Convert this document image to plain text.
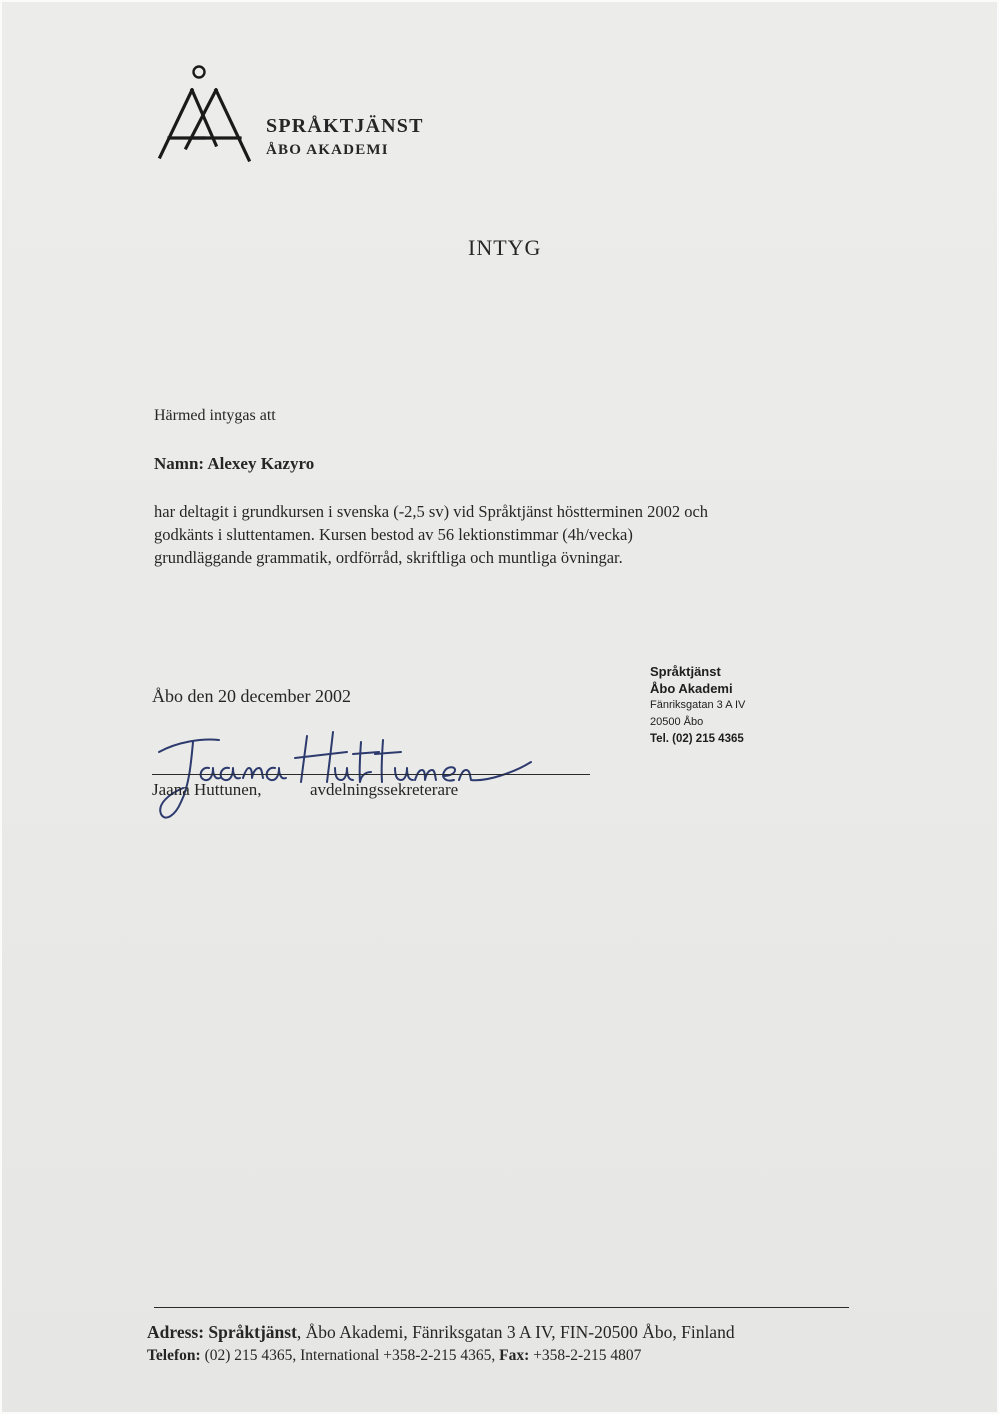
SPRÅKTJÄNST
ÅBO AKADEMI
INTYG
Härmed intygas att
Namn: Alexey Kazyro
har deltagit i grundkursen i svenska (-2,5 sv) vid Språktjänst höstterminen 2002 och
godkänts i sluttentamen. Kursen bestod av 56 lektionstimmar (4h/vecka)
grundläggande grammatik, ordförråd, skriftliga och muntliga övningar.
Åbo den 20 december 2002
Språktjänst
Åbo Akademi
Fänriksgatan 3 A IV
20500 Åbo
Tel. (02) 215 4365
Jaana Huttunen,	avdelningssekreterare
Adress: Språktjänst, Åbo Akademi, Fänriksgatan 3 A IV, FIN-20500 Åbo, Finland
Telefon: (02) 215 4365, International +358-2-215 4365, Fax: +358-2-215 4807
